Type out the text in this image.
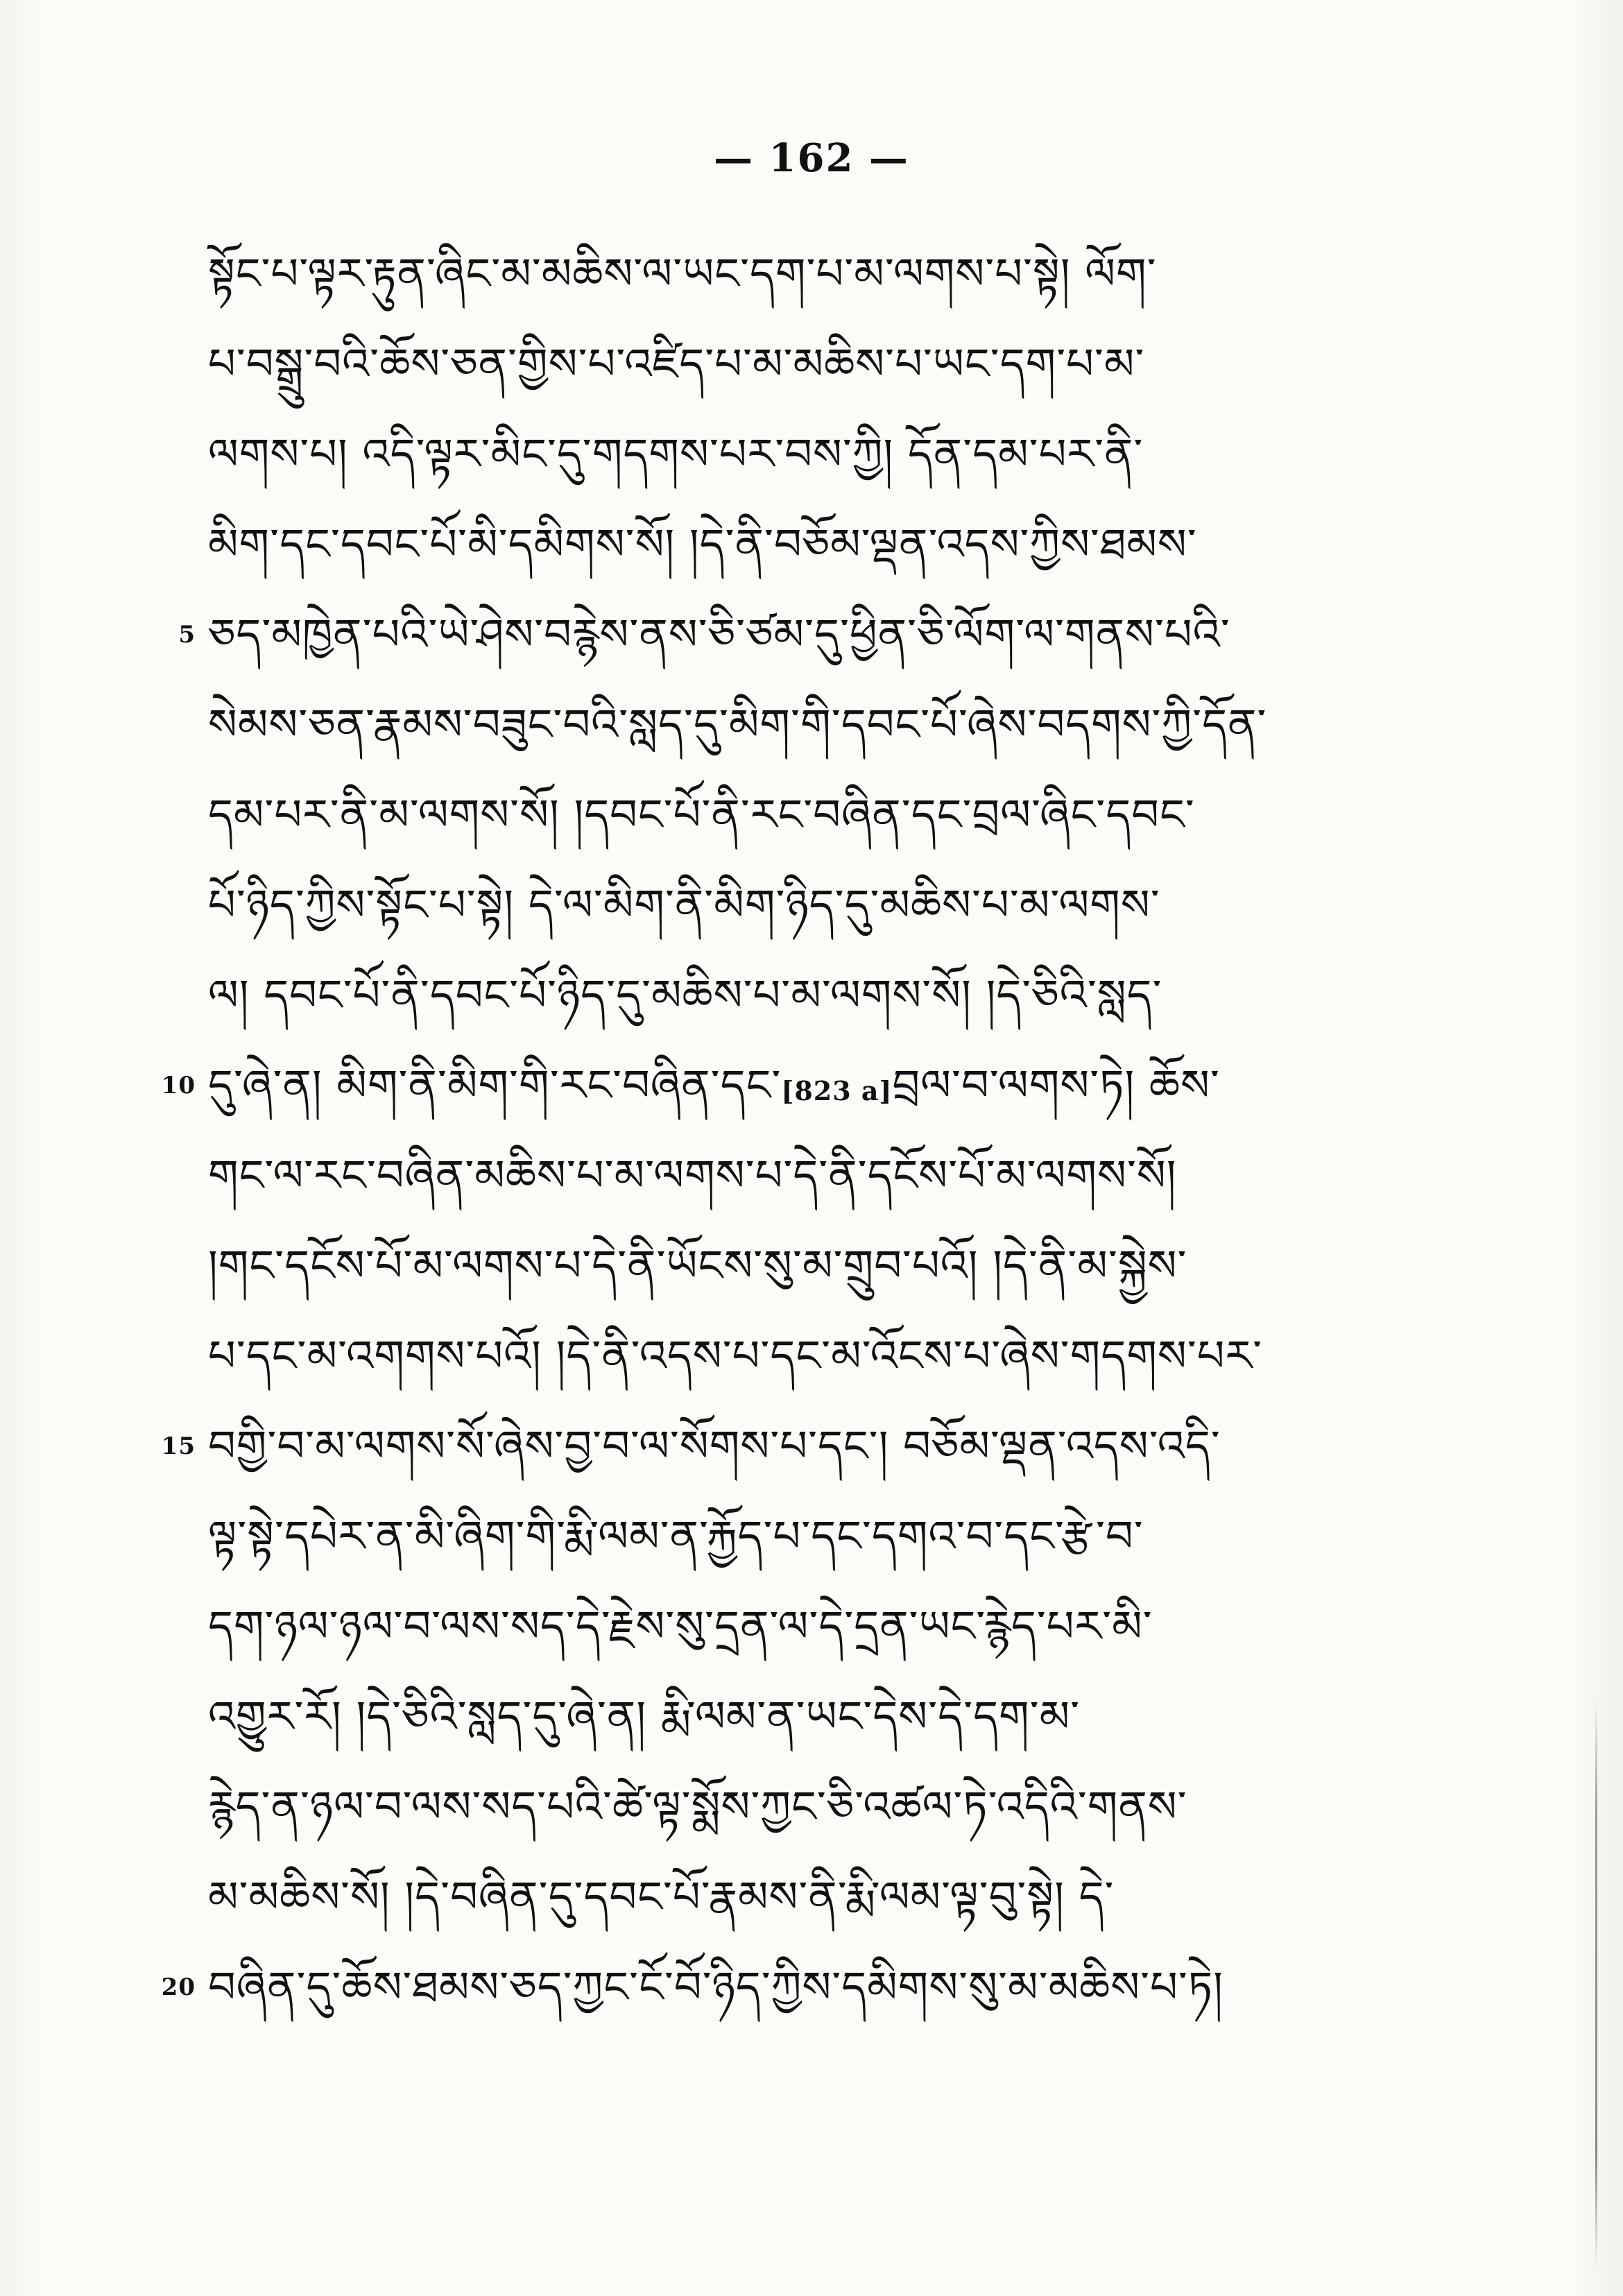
— 162 —
སྟོང་པ་ལྟར་རྟུན་ཞིང་མ་མཆིས་ལ་ཡང་དག་པ་མ་ལགས་པ་སྟེ། ལོག་
པ་བསྒྲུ་བའི་ཆོས་ཅན་གྱིས་པ་འཛིད་པ་མ་མཆིས་པ་ཡང་དག་པ་མ་
ལགས་པ། འདི་ལྟར་མིང་དུ་གདགས་པར་བས་ཀྱི། དོན་དམ་པར་ནི་
མིག་དང་དབང་པོ་མི་དམིགས་སོ། །དེ་ནི་བཅོམ་ལྡན་འདས་ཀྱིས་ཐམས་
5 ཅད་མཁྱེན་པའི་ཡེ་ཤེས་བརྙེས་ནས་ཅི་ཙམ་དུ་ཕྱིན་ཅི་ལོག་ལ་གནས་པའི་
སེམས་ཅན་རྣམས་བཟུང་བའི་སླད་དུ་མིག་གི་དབང་པོ་ཞེས་བདགས་ཀྱི་དོན་
དམ་པར་ནི་མ་ལགས་སོ། །དབང་པོ་ནི་རང་བཞིན་དང་བྲལ་ཞིང་དབང་
པོ་ཉིད་ཀྱིས་སྟོང་པ་སྟེ། དེ་ལ་མིག་ནི་མིག་ཉིད་དུ་མཆིས་པ་མ་ལགས་
ལ། དབང་པོ་ནི་དབང་པོ་ཉིད་དུ་མཆིས་པ་མ་ལགས་སོ། །དེ་ཅིའི་སླད་
10 དུ་ཞེ་ན། མིག་ནི་མིག་གི་རང་བཞིན་དང་[823 a]བྲལ་བ་ལགས་ཏེ། ཆོས་
གང་ལ་རང་བཞིན་མཆིས་པ་མ་ལགས་པ་དེ་ནི་དངོས་པོ་མ་ལགས་སོ།
།གང་དངོས་པོ་མ་ལགས་པ་དེ་ནི་ཡོངས་སུ་མ་གྲུབ་པའོ། །དེ་ནི་མ་སྐྱེས་
པ་དང་མ་འགགས་པའོ། །དེ་ནི་འདས་པ་དང་མ་འོངས་པ་ཞེས་གདགས་པར་
15 བགྱི་བ་མ་ལགས་སོ་ཞེས་བྱ་བ་ལ་སོགས་པ་དང་། བཅོམ་ལྡན་འདས་འདི་
ལྟ་སྟེ་དཔེར་ན་མི་ཞིག་གི་རྨི་ལམ་ན་རྐྱོད་པ་དང་དགའ་བ་དང་རྩེ་བ་
དག་ཉལ་ཉལ་བ་ལས་སད་དེ་རྗེས་སུ་དྲན་ལ་དེ་དྲན་ཡང་རྙེད་པར་མི་
འགྱུར་རོ། །དེ་ཅིའི་སླད་དུ་ཞེ་ན། རྨི་ལམ་ན་ཡང་དེས་དེ་དག་མ་
རྙེད་ན་ཉལ་བ་ལས་སད་པའི་ཚེ་ལྟ་སྨོས་ཀྱང་ཅི་འཚལ་ཏེ་འདིའི་གནས་
མ་མཆིས་སོ། །དེ་བཞིན་དུ་དབང་པོ་རྣམས་ནི་རྨི་ལམ་ལྟ་བུ་སྟེ། དེ་
20 བཞིན་དུ་ཆོས་ཐམས་ཅད་ཀྱང་ངོ་བོ་ཉིད་ཀྱིས་དམིགས་སུ་མ་མཆིས་པ་ཏེ།
